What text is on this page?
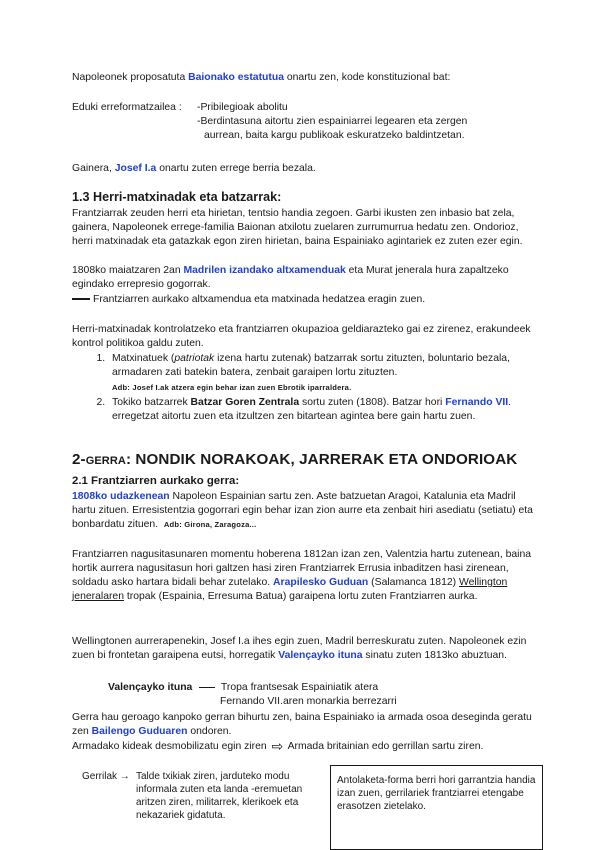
Napoleonek proposatuta Baionako estatutua onartu zen, kode konstituzional bat:

Eduki erreformatzailea :	-Pribilegioak abolitu
-Berdintasuna aitortu zien espainiarrei legearen eta zergen
aurrean, baita kargu publikoak eskuratzeko baldintzetan.

Gainera, Josef I.a onartu zuten errege berria bezala.

1.3 Herri-matxinadak eta batzarrak:

Frantziarrak zeuden herri eta hirietan, tentsio handia zegoen. Garbi ikusten zen inbasio bat zela, gainera, Napoleonek errege-familia Baionan atxilotu zuelaren zurrumurrua hedatu zen. Ondorioz, herri matxinadak eta gatazkak egon ziren hirietan, baina Espainiako agintariek ez zuten ezer egin.

1808ko maiatzaren 2an Madrilen izandako altxamenduak eta Murat jenerala hura zapaltzeko egindako errepresio gogorrak.

Frantziarren aurkako altxamendua eta matxinada hedatzea eragin zuen.

Herri-matxinadak kontrolatzeko eta frantziarren okupazioa geldiarazteko gai ez zirenez, erakundeek kontrol politikoa galdu zuten.

1. Matxinatuek (patriotak izena hartu zutenak) batzarrak sortu zituzten, boluntario bezala, armadaren zati batekin batera, zenbait garaipen lortu zituzten.
Adb: Josef I.ak atzera egin behar izan zuen Ebrotik iparraldera.
2. Tokiko batzarrek Batzar Goren Zentrala sortu zuten (1808). Batzar hori Fernando VII. erregetzat aitortu zuen eta itzultzen zen bitartean agintea bere gain hartu zuen.
2-GERRA: NONDIK NORAKOAK, JARRERAK ETA ONDORIOAK
2.1 Frantziarren aurkako gerra:

1808ko udazkenean Napoleon Espainian sartu zen. Aste batzuetan Aragoi, Katalunia eta Madril hartu zituen. Erresistentzia gogorrari egin behar izan zion aurre eta zenbait hiri asediatu (setiatu) eta bonbardatu zituen. Adb: Girona, Zaragoza...

Frantziarren nagusitasunaren momentu hoberena 1812an izan zen, Valentzia hartu zutenean, baina hortik aurrera nagusitasun hori galtzen hasi ziren Frantziarrek Errusia inbaditzen hasi zirenean, soldadu asko hartara bidali behar zutelako. Arapilesko Guduan (Salamanca 1812) Wellington jeneralaren tropak (Espainia, Erresuma Batua) garaipena lortu zuten Frantziarren aurka.

Wellingtonen aurrerapenekin, Josef I.a ihes egin zuen, Madril berreskuratu zuten. Napoleonek ezin zuen bi frontetan garaipena eutsi, horregatik Valençayko ituna sinatu zuten 1813ko abuztuan.

Valençayko ituna	Tropa frantsesak Espainiatik atera
Fernando VII.aren monarkia berrezarri

Gerra hau geroago kanpoko gerran bihurtu zen, baina Espainiako ia armada osoa deseginda geratu zen Bailengo Guduaren ondoren.

Armadako kideak desmobilizatu egin ziren ⇨ Armada britainian edo gerrillan sartu ziren.

Gerrilak → Talde txikiak ziren, jarduteko modu informala zuten eta landa -eremuetan aritzen ziren, militarrek, klerikoek eta nekazariek gidatuta.
Antolaketa-forma berri hori garrantzia handia izan zuen, gerrilariek frantziarrei etengabe erasotzen zietelako.
